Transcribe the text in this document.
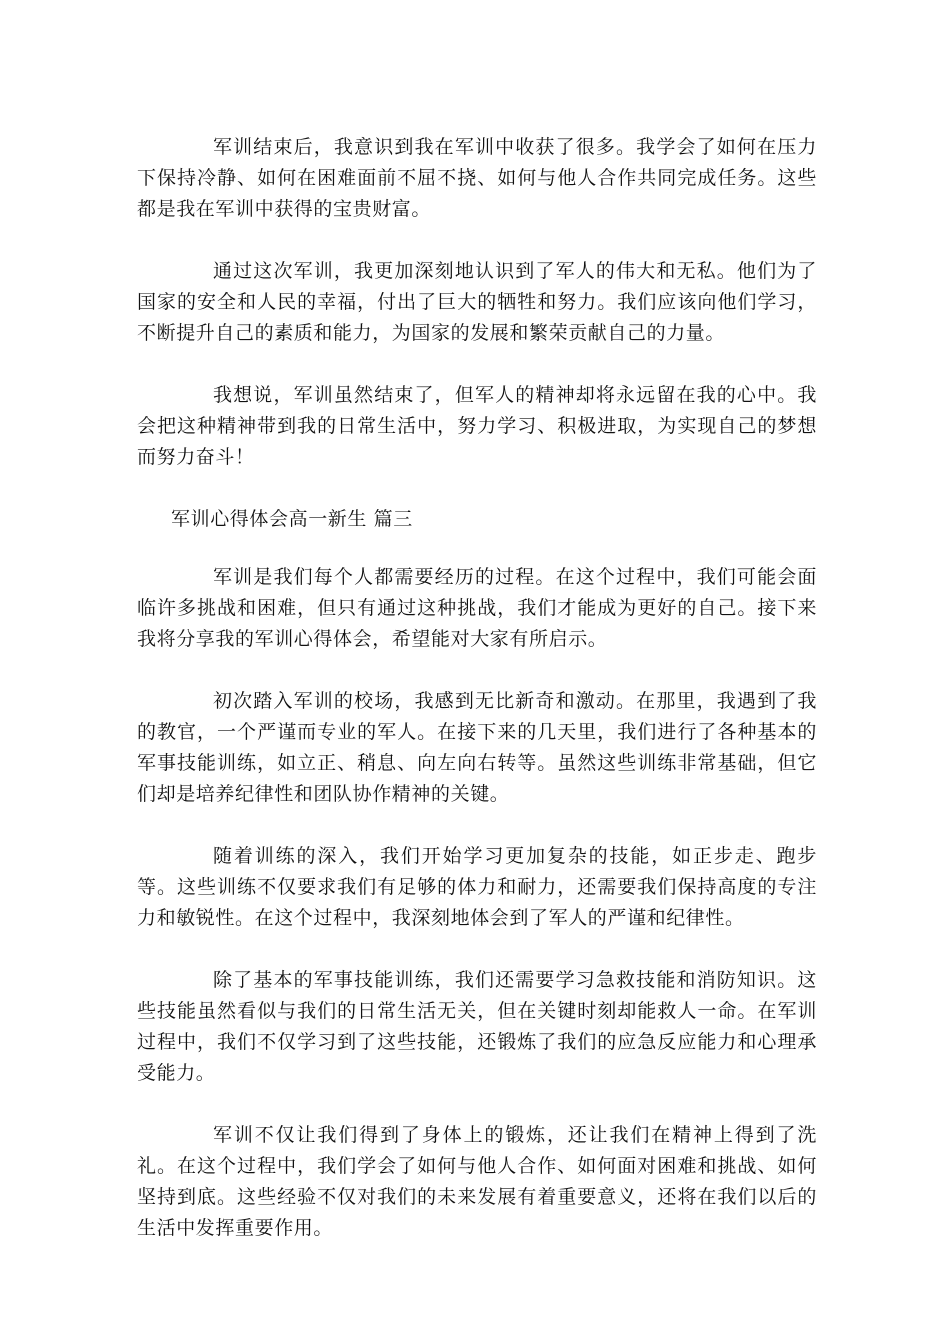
军训结束后，我意识到我在军训中收获了很多。我学会了如何在压力下保持冷静、如何在困难面前不屈不挠、如何与他人合作共同完成任务。这些都是我在军训中获得的宝贵财富。

通过这次军训，我更加深刻地认识到了军人的伟大和无私。他们为了国家的安全和人民的幸福，付出了巨大的牺牲和努力。我们应该向他们学习，不断提升自己的素质和能力，为国家的发展和繁荣贡献自己的力量。

我想说，军训虽然结束了，但军人的精神却将永远留在我的心中。我会把这种精神带到我的日常生活中，努力学习、积极进取，为实现自己的梦想而努力奋斗！

军训心得体会高一新生 篇三

军训是我们每个人都需要经历的过程。在这个过程中，我们可能会面临许多挑战和困难，但只有通过这种挑战，我们才能成为更好的自己。接下来我将分享我的军训心得体会，希望能对大家有所启示。

初次踏入军训的校场，我感到无比新奇和激动。在那里，我遇到了我的教官，一个严谨而专业的军人。在接下来的几天里，我们进行了各种基本的军事技能训练，如立正、稍息、向左向右转等。虽然这些训练非常基础，但它们却是培养纪律性和团队协作精神的关键。

随着训练的深入，我们开始学习更加复杂的技能，如正步走、跑步等。这些训练不仅要求我们有足够的体力和耐力，还需要我们保持高度的专注力和敏锐性。在这个过程中，我深刻地体会到了军人的严谨和纪律性。

除了基本的军事技能训练，我们还需要学习急救技能和消防知识。这些技能虽然看似与我们的日常生活无关，但在关键时刻却能救人一命。在军训过程中，我们不仅学习到了这些技能，还锻炼了我们的应急反应能力和心理承受能力。

军训不仅让我们得到了身体上的锻炼，还让我们在精神上得到了洗礼。在这个过程中，我们学会了如何与他人合作、如何面对困难和挑战、如何坚持到底。这些经验不仅对我们的未来发展有着重要意义，还将在我们以后的生活中发挥重要作用。
